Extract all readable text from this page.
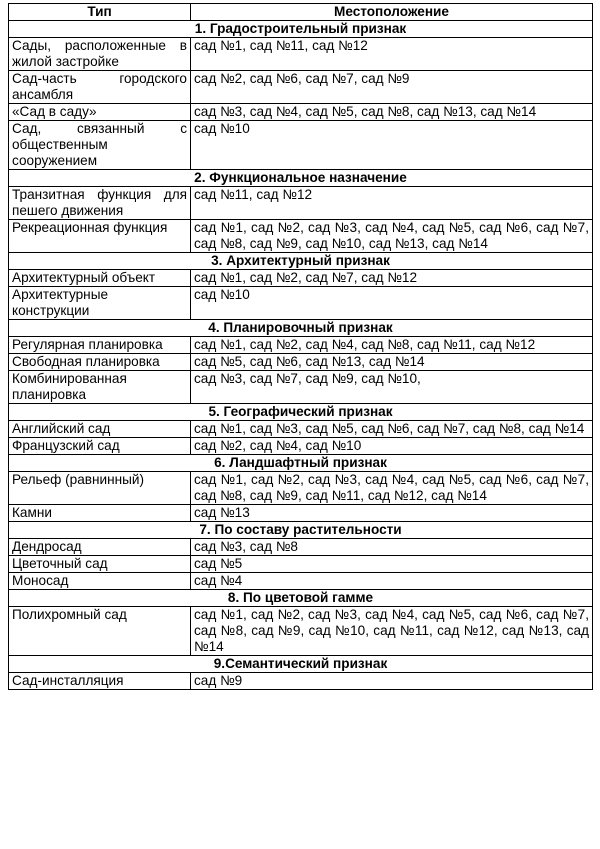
Тип	Местоположение
1. Градостроительный признак	
Сады, расположенные в жилой застройке	сад №1, сад №11, сад №12
Сад-часть городского ансамбля	сад №2, сад №6, сад №7, сад №9
«Сад в саду»	сад №3, сад №4, сад №5, сад №8, сад №13, сад №14
Сад, связанный с общественным сооружением	сад №10
2. Функциональное назначение	
Транзитная функция для пешего движения	сад №11, сад №12
Рекреационная функция	сад №1, сад №2, сад №3, сад №4, сад №5, сад №6, сад №7, сад №8, сад №9, сад №10, сад №13, сад №14
3. Архитектурный признак	
Архитектурный объект	сад №1, сад №2, сад №7, сад №12
Архитектурные конструкции	сад №10
4. Планировочный признак	
Регулярная планировка	сад №1, сад №2, сад №4, сад №8, сад №11, сад №12
Свободная планировка	сад №5, сад №6, сад №13, сад №14
Комбинированная планировка	сад №3, сад №7, сад №9, сад №10,
5. Географический признак	
Английский сад	сад №1, сад №3, сад №5, сад №6, сад №7, сад №8, сад №14
Французский сад	сад №2, сад №4, сад №10
6. Ландшафтный признак	
Рельеф (равнинный)	сад №1, сад №2, сад №3, сад №4, сад №5, сад №6, сад №7, сад №8, сад №9, сад №11, сад №12, сад №14
Камни	сад №13
7. По составу растительности	
Дендросад	сад №3, сад №8
Цветочный сад	сад №5
Моносад	сад №4
8. По цветовой гамме	
Полихромный сад	сад №1, сад №2, сад №3, сад №4, сад №5, сад №6, сад №7, сад №8, сад №9, сад №10, сад №11, сад №12, сад №13, сад №14
9.Семантический признак	
Сад-инсталляция	сад №9
